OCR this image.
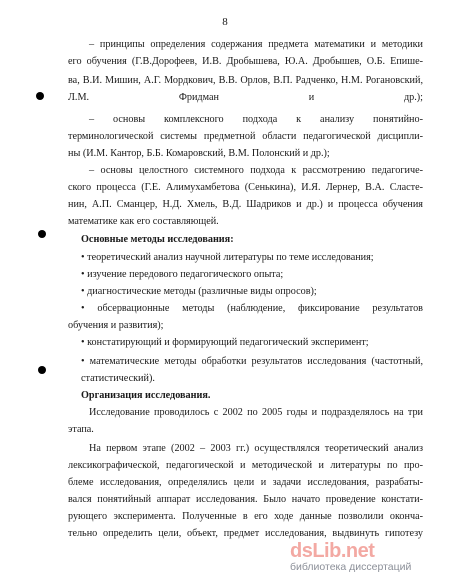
8
– принципы определения содержания предмета математики и методики
его обучения (Г.В.Дорофеев, И.В. Дробышева, Ю.А. Дробышев, О.Б. Епише-
ва, В.И. Мишин, А.Г. Мордкович, В.В. Орлов, В.П. Радченко, Н.М. Рогановский, Л.М. Фридман и др.);
– основы комплексного подхода к анализу понятийно-
терминологической системы предметной области педагогической дисципли-
ны (И.М. Кантор, Б.Б. Комаровский, В.М. Полонский и др.);
– основы целостного системного подхода к рассмотрению педагогиче-
ского процесса (Г.Е. Алимухамбетова (Сенькина), И.Я. Лернер, В.А. Сласте-
нин, А.П. Сманцер, Н.Д. Хмель, В.Д. Шадриков и др.) и процесса обучения
математике как его составляющей.
Основные методы исследования:
• теоретический анализ научной литературы по теме исследования;
• изучение передового педагогического опыта;
• диагностические методы (различные виды опросов);
• обсервационные методы (наблюдение, фиксирование результатов
обучения и развития);
• констатирующий и формирующий педагогический эксперимент;
• математические методы обработки результатов исследования (частотный, статистический).
Организация исследования.
Исследование проводилось с 2002 по 2005 годы и подразделялось на три
этапа.
На первом этапе (2002 – 2003 гг.) осуществлялся теоретический анализ
лексикографической, педагогической и методической и литературы по про-
блеме исследования, определялись цели и задачи исследования, разрабаты-
вался понятийный аппарат исследования. Было начато проведение констати-
рующего эксперимента. Полученные в его ходе данные позволили оконча-
тельно определить цели, объект, предмет исследования, выдвинуть гипотезу
dsLib.net
библиотека диссертаций
